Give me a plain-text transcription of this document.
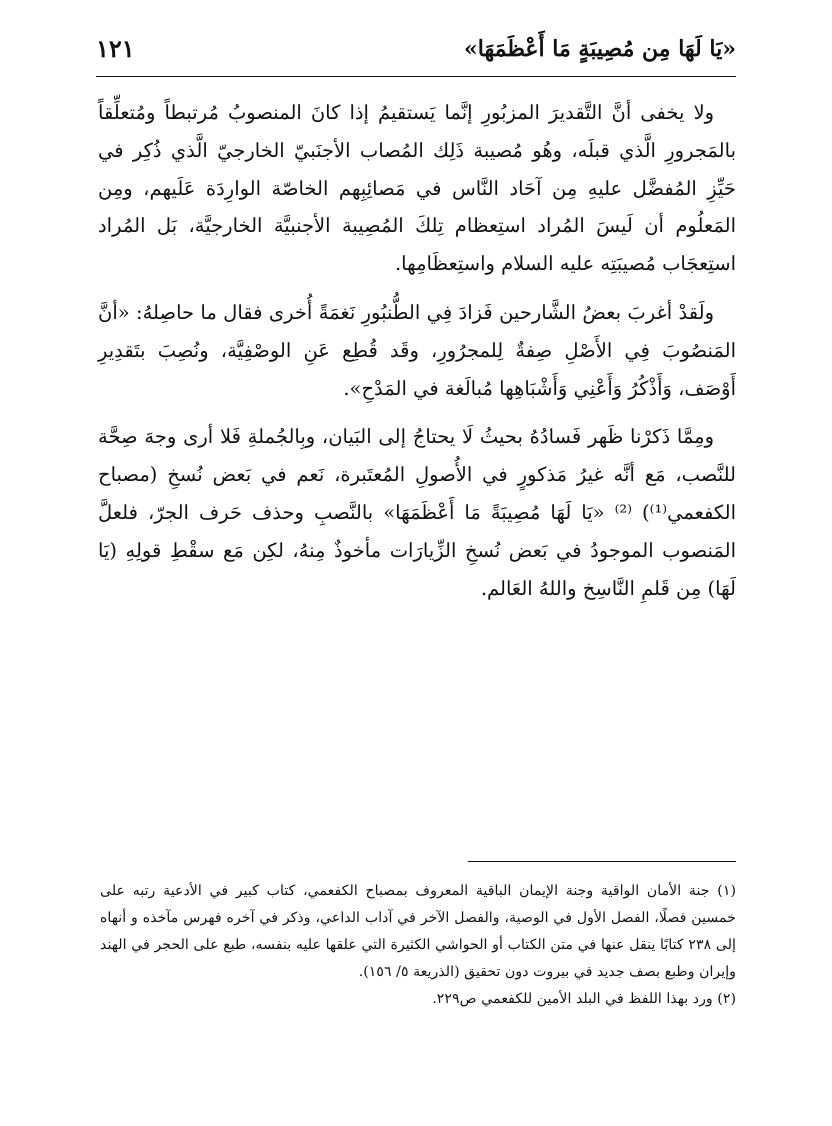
«يَا لَهَا مِن مُصِيبَةٍ مَا أَعْظَمَهَا»
١٢١

ولا يخفى أنَّ التَّقديرَ المزبُورِ إنَّما يَستقيمُ إذا كانَ المنصوبُ مُرتبطاً ومُتعلِّقاً بالمَجرورِ الَّذي قبلَه، وهُو مُصيبة ذَلِك المُصاب الأجنَبيّ الخارجيّ الَّذي ذُكِر في حَيِّزِ المُفضَّل عليهِ مِن آحَاد النَّاس في مَصائِبِهم الخاصّة الوارِدَة عَلَيهم، ومِن المَعلُوم أن لَيسَ المُراد استِعظام تِلكَ المُصِيبة الأجنبيَّة الخارجيَّة، بَل المُراد استِعجَاب مُصيبَتِه عليه السلام واستِعظَامِها.

ولَقدْ أغربَ بعضُ الشَّارحين فَزادَ فِي الطُّنبُورِ نَغمَةً أُخرى فقال ما حاصِلهُ: «أنَّ المَنصُوبَ فِي الأَصْلِ صِفةٌ لِلمجرُورِ، وقَد قُطِع عَنِ الوصْفِيَّة، ونُصِبَ بتَقدِيرِ أَوْصَف، وَأَذْكُرُ وَأَعْنِي وَأَشْبَاهِها مُبالَغة في المَدْحِ».

ومِمَّا ذَكرْنا ظَهر فَسادُهُ بحيثُ لَا يحتاجُ إلى البَيان، وبِالجُملةِ فَلا أرى وجهَ صِحَّة للنَّصب، مَع أنَّه غيرُ مَذكورٍ في الأُصولِ المُعتَبرة، نَعم في بَعض نُسخِ (مصباح الكفعمي⁽¹⁾) ⁽²⁾ «يَا لَهَا مُصِيبَةً مَا أَعْظَمَهَا» بالنَّصبِ وحذف حَرف الجرّ، فلعلَّ المَنصوب الموجودُ في بَعض نُسخِ الزِّيارَات مأخوذٌ مِنهُ، لكِن مَع سقْطِ قولِهِ (يَا لَهَا) مِن قَلمِ النَّاسِخ واللهُ العَالم.

(١) جنة الأمان الواقية وجنة الإيمان الباقية المعروف بمصباح الكفعمي، كتاب كبير في الأدعية رتبه على خمسين فصلًا، الفصل الأول في الوصية، والفصل الآخر في آداب الداعي، وذكر في آخره فهرس مآخذه و أنهاه إلى ٢٣٨ كتابًا ينقل عنها في متن الكتاب أو الحواشي الكثيرة التي علقها عليه بنفسه، طبع على الحجر في الهند وإيران وطبع بصف جديد في بيروت دون تحقيق (الذريعة ٥/ ١٥٦).

(٢) ورد بهذا اللفظ في البلد الأمين للكفعمي ص٢٢٩.
